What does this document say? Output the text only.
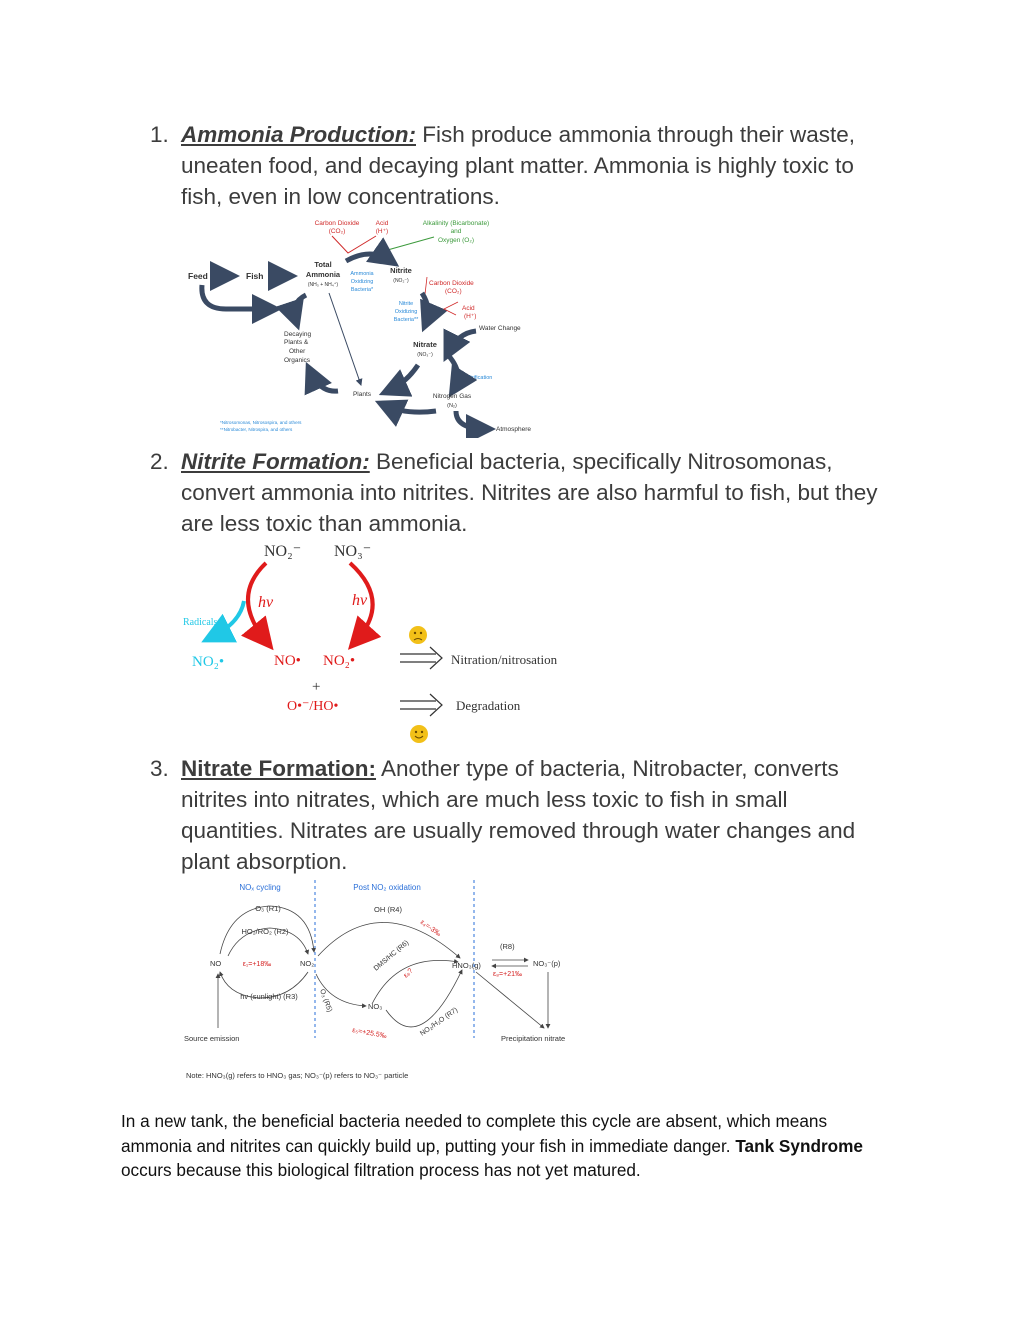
1. Ammonia Production: Fish produce ammonia through their waste, uneaten food, and decaying plant matter. Ammonia is highly toxic to fish, even in low concentrations.
Carbon Dioxide
(CO₂)
Acid
(H⁺)
Alkalinity (Bicarbonate)
and
Oxygen (O₂)
Feed	Fish
Total
Ammonia
(NH₃ + NH₄⁺)
Ammonia
Oxidizing
Bacteria*
Nitrite
(NO₂⁻)	Carbon Dioxide
(CO₂)
Nitrite
Oxidizing
Bacteria**
Acid
(H⁺)
Water Change
Decaying
Plants &
Other
Organics
Nitrate
(NO₃⁻)
Denitrification
Plants	Nitrogen Gas
(N₂)
Atmosphere
*Nitrosomonas, Nitrosospira, and others
**Nitrobacter, Nitrospira, and others
2. Nitrite Formation: Beneficial bacteria, specifically Nitrosomonas, convert ammonia into nitrites. Nitrites are also harmful to fish, but they are less toxic than ammonia.
NO₂⁻ NO₃⁻
hv	hv
Radicals
NO₂•	NO• NO₂•
+
O•⁻/HO•
Nitration/nitrosation
Degradation
3. Nitrate Formation: Another type of bacteria, Nitrobacter, converts nitrites into nitrates, which are much less toxic to fish in small quantities. Nitrates are usually removed through water changes and plant absorption.
NOₓ cycling	Post NO₂ oxidation
O₃ (R1)
HO₂/RO₂ (R2)
NO	ε₁=+18‰	NO₂
hv (sunlight) (R3)
Source emission
OH (R4)
ε₄=-3‰
DMS/HC (R6)
ε₆?
HNO₃(g)
(R8)
NO₃⁻(p)
ε₈=+21‰
Precipitation nitrate
O₃ (R5)	NO₃
ε₅=+25.5‰	NO₂/H₂O (R7)
Note: HNO₃(g) refers to HNO₃ gas; NO₃⁻(p) refers to NO₃⁻ particle
In a new tank, the beneficial bacteria needed to complete this cycle are absent, which means ammonia and nitrites can quickly build up, putting your fish in immediate danger. Tank Syndrome occurs because this biological filtration process has not yet matured.
